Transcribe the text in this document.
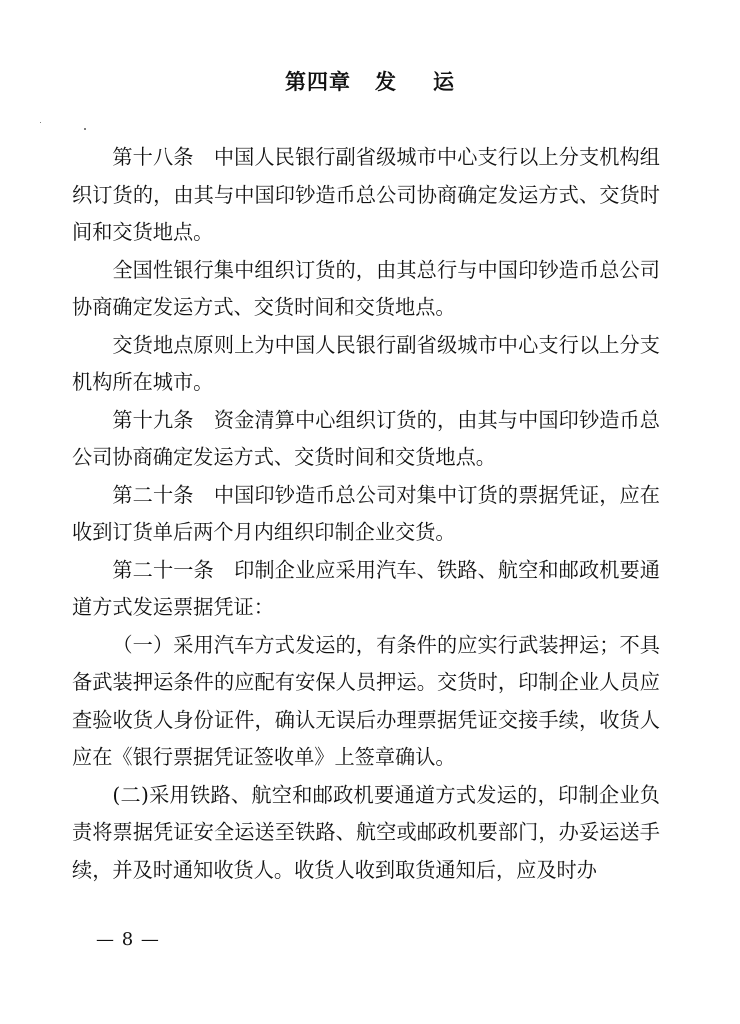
第四章 发 运

第十八条　中国人民银行副省级城市中心支行以上分支机构组织订货的，由其与中国印钞造币总公司协商确定发运方式、交货时间和交货地点。

全国性银行集中组织订货的，由其总行与中国印钞造币总公司协商确定发运方式、交货时间和交货地点。

交货地点原则上为中国人民银行副省级城市中心支行以上分支机构所在城市。

第十九条　资金清算中心组织订货的，由其与中国印钞造币总公司协商确定发运方式、交货时间和交货地点。

第二十条　中国印钞造币总公司对集中订货的票据凭证，应在收到订货单后两个月内组织印制企业交货。

第二十一条　印制企业应采用汽车、铁路、航空和邮政机要通道方式发运票据凭证：

（一）采用汽车方式发运的，有条件的应实行武装押运；不具备武装押运条件的应配有安保人员押运。交货时，印制企业人员应查验收货人身份证件，确认无误后办理票据凭证交接手续，收货人应在《银行票据凭证签收单》上签章确认。

(二)采用铁路、航空和邮政机要通道方式发运的，印制企业负责将票据凭证安全运送至铁路、航空或邮政机要部门，办妥运送手续，并及时通知收货人。收货人收到取货通知后，应及时办

— 8 —
